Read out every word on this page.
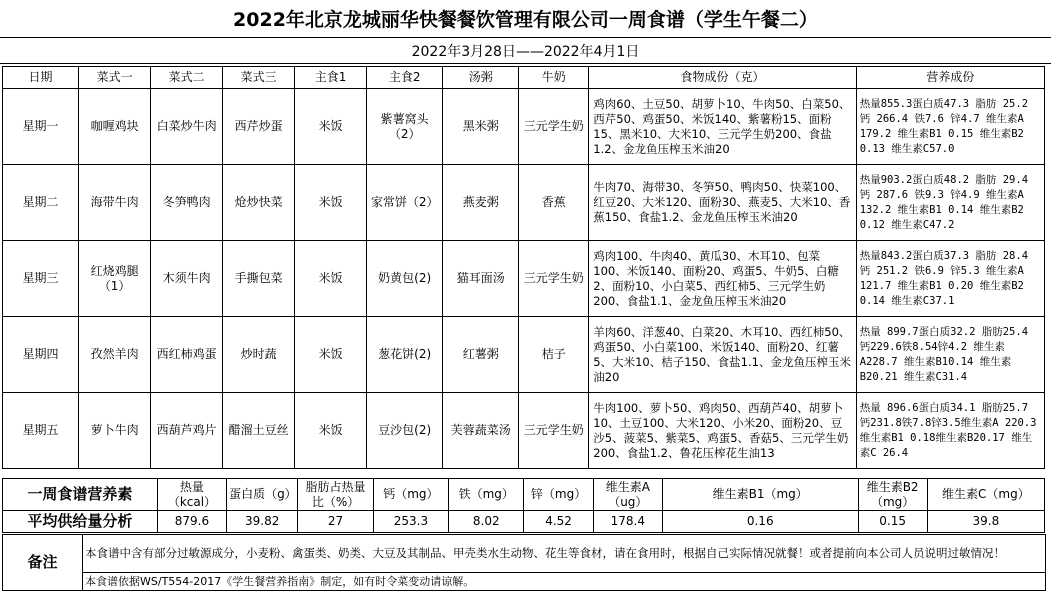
2022年北京龙城丽华快餐餐饮管理有限公司一周食谱（学生午餐二）
2022年3月28日——2022年4月1日
日期	菜式一	菜式二	菜式三	主食1	主食2	汤粥	牛奶	食物成份（克）	营养成份
星期一	咖喱鸡块	白菜炒牛肉	西芹炒蛋	米饭	紫薯窝头（2）	黑米粥	三元学生奶	鸡肉60、土豆50、胡萝卜10、牛肉50、白菜50、西芹50、鸡蛋50、米饭140、紫薯粉15、面粉15、黑米10、大米10、三元学生奶200、食盐1.2、金龙鱼压榨玉米油20	热量855.3蛋白质47.3 脂肪 25.2 钙 266.4 铁7.6 锌4.7 维生素A 179.2 维生素B1 0.15 维生素B2 0.13 维生素C57.0
星期二	海带牛肉	冬笋鸭肉	炝炒快菜	米饭	家常饼（2）	燕麦粥	香蕉	牛肉70、海带30、冬笋50、鸭肉50、快菜100、红豆20、大米120、面粉30、燕麦5、大米10、香蕉150、食盐1.2、金龙鱼压榨玉米油20	热量903.2蛋白质48.2 脂肪 29.4 钙 287.6 铁9.3 锌4.9 维生素A 132.2 维生素B1 0.14 维生素B2 0.12 维生素C47.2
星期三	红烧鸡腿（1）	木须牛肉	手撕包菜	米饭	奶黄包(2)	猫耳面汤	三元学生奶	鸡肉100、牛肉40、黄瓜30、木耳10、包菜100、米饭140、面粉20、鸡蛋5、牛奶5、白糖2、面粉10、小白菜5、西红柿5、三元学生奶200、食盐1.1、金龙鱼压榨玉米油20	热量843.2蛋白质37.3 脂肪 28.4 钙 251.2 铁6.9 锌5.3 维生素A 121.7 维生素B1 0.20 维生素B2 0.14 维生素C37.1
星期四	孜然羊肉	西红柿鸡蛋	炒时蔬	米饭	葱花饼(2)	红薯粥	桔子	羊肉60、洋葱40、白菜20、木耳10、西红柿50、鸡蛋50、小白菜100、米饭140、面粉20、红薯5、大米10、桔子150、食盐1.1、金龙鱼压榨玉米油20	热量 899.7蛋白质32.2 脂肪25.4 钙229.6铁8.54锌4.2 维生素A228.7 维生素B10.14 维生素B20.21 维生素C31.4
星期五	萝卜牛肉	西葫芦鸡片	醋溜土豆丝	米饭	豆沙包(2)	芙蓉蔬菜汤	三元学生奶	牛肉100、萝卜50、鸡肉50、西葫芦40、胡萝卜10、土豆100、大米120、小米20、面粉20、豆沙5、菠菜5、紫菜5、鸡蛋5、香菇5、三元学生奶200、食盐1.2、鲁花压榨花生油13	热量 896.6蛋白质34.1 脂肪25.7 钙231.8铁7.8锌3.5维生素A 220.3维生素B1 0.18维生素B20.17 维生素C 26.4
一周食谱营养素	热量（kcal）	蛋白质（g）	脂肪占热量比（%）	钙（mg）	铁（mg）	锌（mg）	维生素A（ug）	维生素B1（mg）	维生素B2（mg）	维生素C（mg）
平均供给量分析	879.6	39.82	27	253.3	8.02	4.52	178.4	0.16	0.15	39.8
备注	本食谱中含有部分过敏源成分，小麦粉、禽蛋类、奶类、大豆及其制品、甲壳类水生动物、花生等食材，请在食用时，根据自己实际情况就餐！或者提前向本公司人员说明过敏情况！
本食谱依据WS/T554-2017《学生餐营养指南》制定，如有时令菜变动请谅解。
